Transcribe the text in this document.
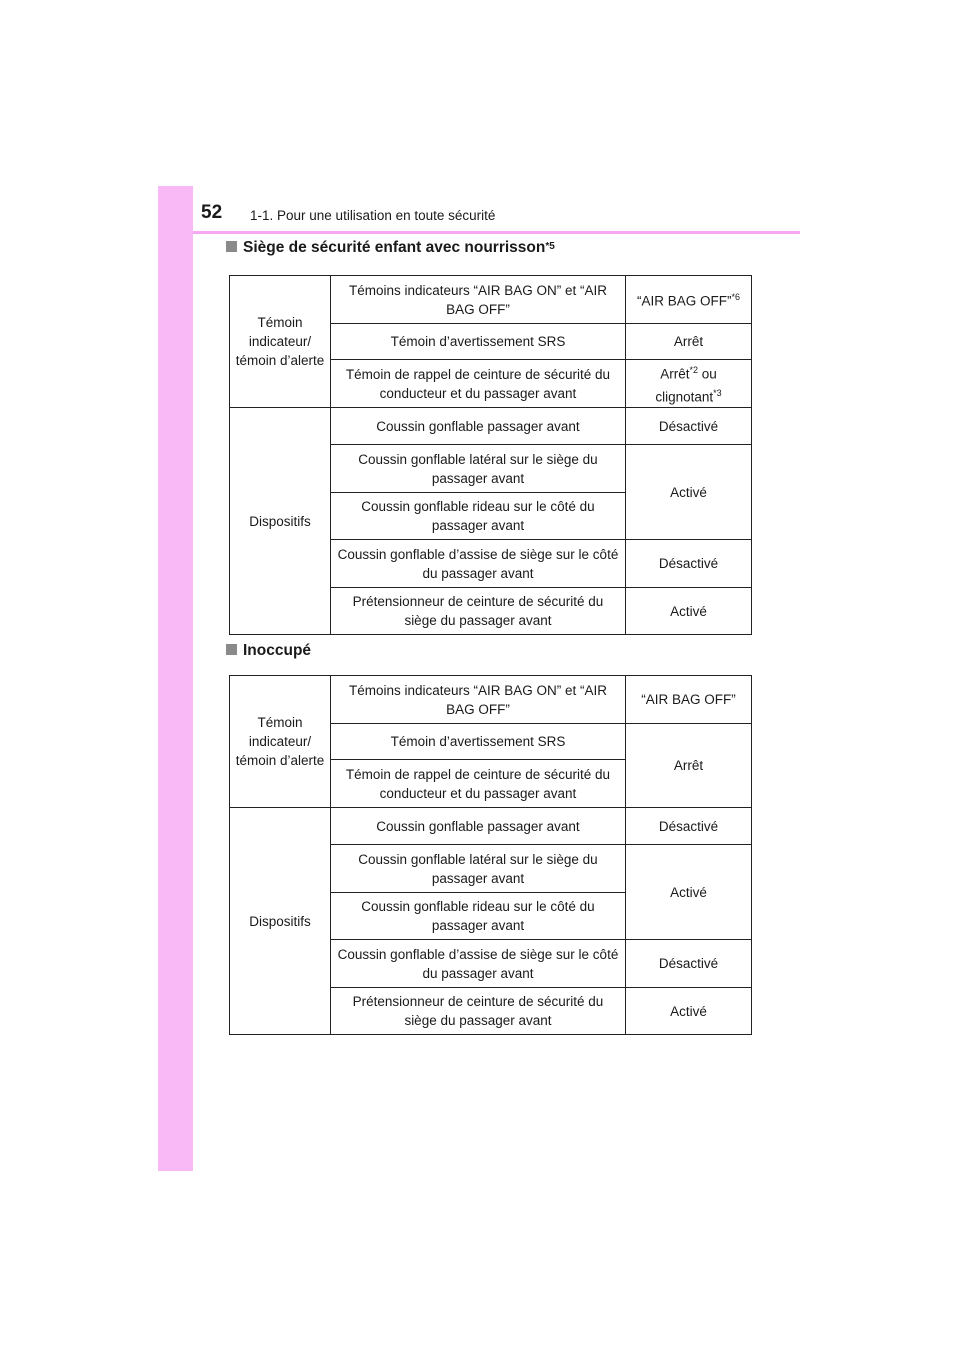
52 1-1. Pour une utilisation en toute sécurité
Siège de sécurité enfant avec nourrisson$^{*5}$
Témoin indicateur/ témoin d’alerte	Témoins indicateurs “AIR BAG ON” et “AIR BAG OFF”	“AIR BAG OFF”$^{*6}$
	Témoin d’avertissement SRS	Arrêt
	Témoin de rappel de ceinture de sécurité du conducteur et du passager avant	Arrêt$^{*2}$ ou clignotant$^{*3}$
Dispositifs	Coussin gonflable passager avant	Désactivé
	Coussin gonflable latéral sur le siège du passager avant	Activé
	Coussin gonflable rideau sur le côté du passager avant	
	Coussin gonflable d’assise de siège sur le côté du passager avant	Désactivé
	Prétensionneur de ceinture de sécurité du siège du passager avant	Activé
Inoccupé
Témoin indicateur/ témoin d’alerte	Témoins indicateurs “AIR BAG ON” et “AIR BAG OFF”	“AIR BAG OFF”
	Témoin d’avertissement SRS	Arrêt
	Témoin de rappel de ceinture de sécurité du conducteur et du passager avant	
Dispositifs	Coussin gonflable passager avant	Désactivé
	Coussin gonflable latéral sur le siège du passager avant	Activé
	Coussin gonflable rideau sur le côté du passager avant	
	Coussin gonflable d’assise de siège sur le côté du passager avant	Désactivé
	Prétensionneur de ceinture de sécurité du siège du passager avant	Activé
